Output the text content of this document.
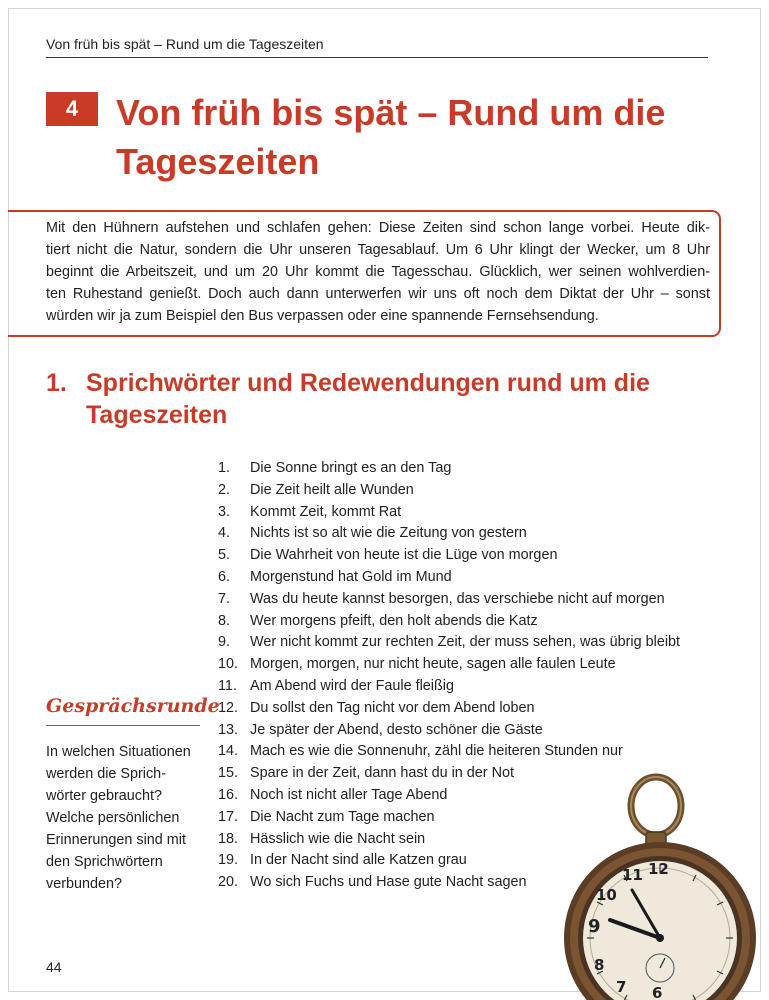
Von früh bis spät – Rund um die Tageszeiten
4	Von früh bis spät – Rund um die Tageszeiten
Mit den Hühnern aufstehen und schlafen gehen: Diese Zeiten sind schon lange vorbei. Heute dik-
tiert nicht die Natur, sondern die Uhr unseren Tagesablauf. Um 6 Uhr klingt der Wecker, um 8 Uhr
beginnt die Arbeitszeit, und um 20 Uhr kommt die Tagesschau. Glücklich, wer seinen wohlverdien-
ten Ruhestand genießt. Doch auch dann unterwerfen wir uns oft noch dem Diktat der Uhr – sonst
würden wir ja zum Beispiel den Bus verpassen oder eine spannende Fernsehsendung.
1. Sprichwörter und Redewendungen rund um die Tageszeiten
1.	Die Sonne bringt es an den Tag
2.	Die Zeit heilt alle Wunden
3.	Kommt Zeit, kommt Rat
4.	Nichts ist so alt wie die Zeitung von gestern
5.	Die Wahrheit von heute ist die Lüge von morgen
6.	Morgenstund hat Gold im Mund
7.	Was du heute kannst besorgen, das verschiebe nicht auf morgen
8.	Wer morgens pfeift, den holt abends die Katz
9.	Wer nicht kommt zur rechten Zeit, der muss sehen, was übrig bleibt
10. Morgen, morgen, nur nicht heute, sagen alle faulen Leute
11. Am Abend wird der Faule fleißig
12. Du sollst den Tag nicht vor dem Abend loben
13. Je später der Abend, desto schöner die Gäste
14. Mach es wie die Sonnenuhr, zähl die heiteren Stunden nur
15. Spare in der Zeit, dann hast du in der Not
16. Noch ist nicht aller Tage Abend
17. Die Nacht zum Tage machen
18. Hässlich wie die Nacht sein
19. In der Nacht sind alle Katzen grau
20. Wo sich Fuchs und Hase gute Nacht sagen
Gesprächsrunde
In welchen Situationen
werden die Sprich-
wörter gebraucht?
Welche persönlichen
Erinnerungen sind mit
den Sprichwörtern
verbunden?
44
10
11 12
9
8
7 6
